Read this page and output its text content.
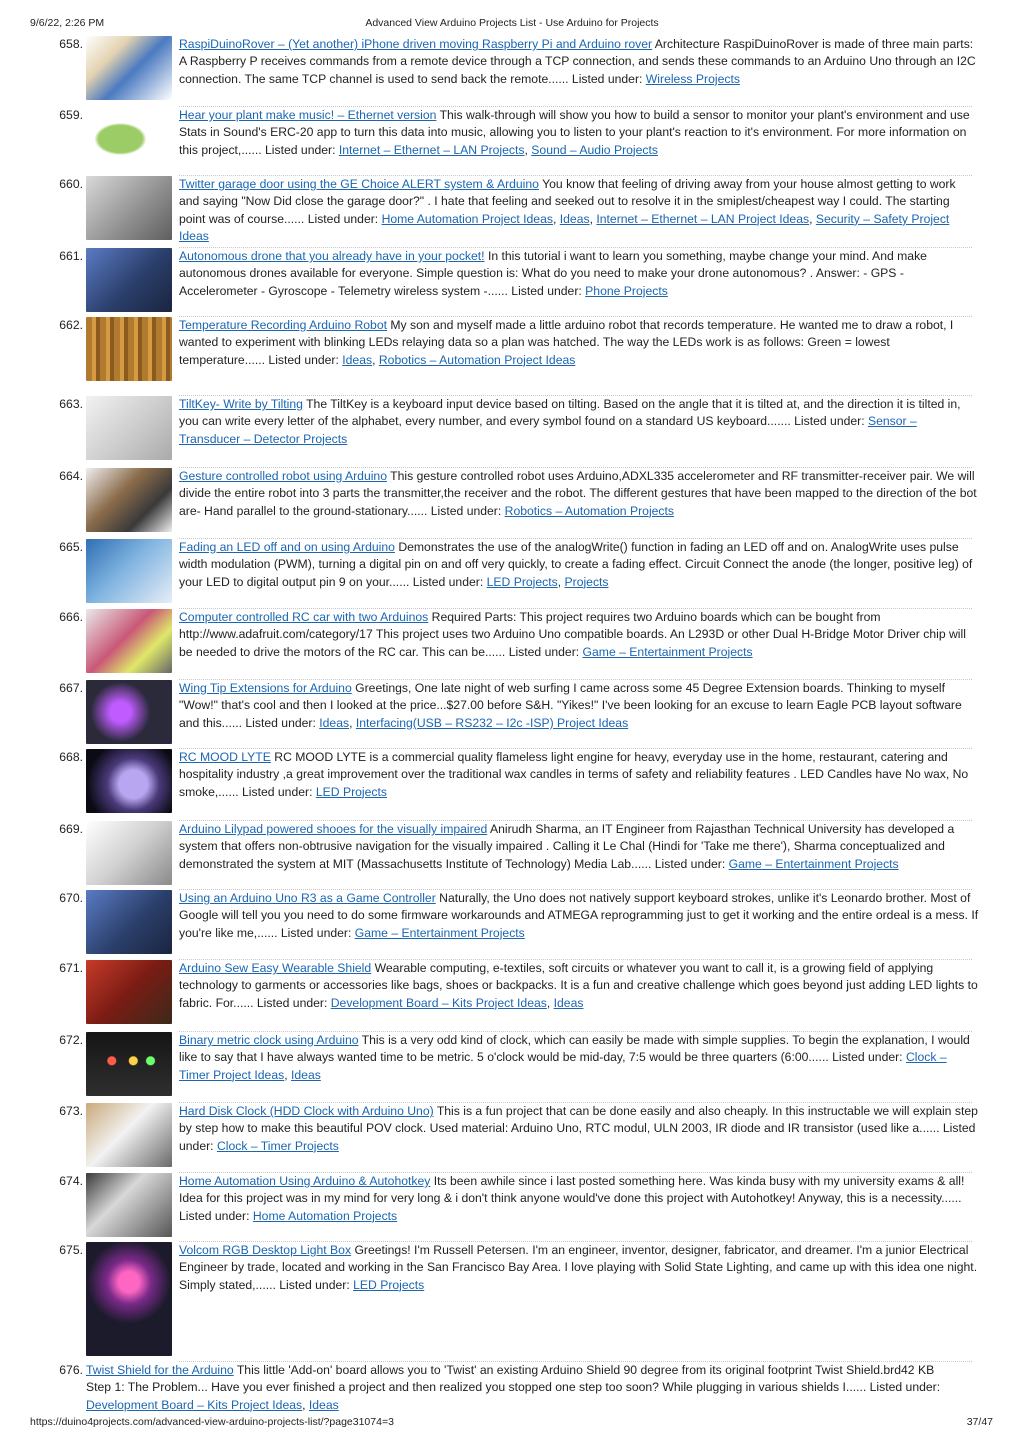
9/6/22, 2:26 PM	Advanced View Arduino Projects List - Use Arduino for Projects
658.	RaspiDuinoRover – (Yet another) iPhone driven moving Raspberry Pi and Arduino rover Architecture RaspiDuinoRover is made of three main parts: A Raspberry P receives commands from a remote device through a TCP connection, and sends these commands to an Arduino Uno through an I2C connection. The same TCP channel is used to send back the remote...... Listed under: Wireless Projects
659.	Hear your plant make music! – Ethernet version This walk-through will show you how to build a sensor to monitor your plant's environment and use Stats in Sound's ERC-20 app to turn this data into music, allowing you to listen to your plant's reaction to it's environment. For more information on this project,...... Listed under: Internet – Ethernet – LAN Projects, Sound – Audio Projects
660.	Twitter garage door using the GE Choice ALERT system & Arduino You know that feeling of driving away from your house almost getting to work and saying "Now Did close the garage door?" . I hate that feeling and seeked out to resolve it in the smiplest/cheapest way I could. The starting point was of course...... Listed under: Home Automation Project Ideas, Ideas, Internet – Ethernet – LAN Project Ideas, Security – Safety Project Ideas
661.	Autonomous drone that you already have in your pocket! In this tutorial i want to learn you something, maybe change your mind. And make autonomous drones available for everyone. Simple question is: What do you need to make your drone autonomous? . Answer: - GPS - Accelerometer - Gyroscope - Telemetry wireless system -...... Listed under: Phone Projects
662.	Temperature Recording Arduino Robot My son and myself made a little arduino robot that records temperature. He wanted me to draw a robot, I wanted to experiment with blinking LEDs relaying data so a plan was hatched. The way the LEDs work is as follows: Green = lowest temperature...... Listed under: Ideas, Robotics – Automation Project Ideas
663.	TiltKey- Write by Tilting The TiltKey is a keyboard input device based on tilting. Based on the angle that it is tilted at, and the direction it is tilted in, you can write every letter of the alphabet, every number, and every symbol found on a standard US keyboard....... Listed under: Sensor – Transducer – Detector Projects
664.	Gesture controlled robot using Arduino This gesture controlled robot uses Arduino,ADXL335 accelerometer and RF transmitter-receiver pair. We will divide the entire robot into 3 parts the transmitter,the receiver and the robot. The different gestures that have been mapped to the direction of the bot are- Hand parallel to the ground-stationary...... Listed under: Robotics – Automation Projects
665.	Fading an LED off and on using Arduino Demonstrates the use of the analogWrite() function in fading an LED off and on. AnalogWrite uses pulse width modulation (PWM), turning a digital pin on and off very quickly, to create a fading effect. Circuit Connect the anode (the longer, positive leg) of your LED to digital output pin 9 on your...... Listed under: LED Projects, Projects
666.	Computer controlled RC car with two Arduinos Required Parts: This project requires two Arduino boards which can be bought from http://www.adafruit.com/category/17 This project uses two Arduino Uno compatible boards. An L293D or other Dual H-Bridge Motor Driver chip will be needed to drive the motors of the RC car. This can be...... Listed under: Game – Entertainment Projects
667.	Wing Tip Extensions for Arduino Greetings, One late night of web surfing I came across some 45 Degree Extension boards. Thinking to myself "Wow!" that's cool and then I looked at the price...$27.00 before S&H. "Yikes!" I've been looking for an excuse to learn Eagle PCB layout software and this...... Listed under: Ideas, Interfacing(USB – RS232 – I2c -ISP) Project Ideas
668.	RC MOOD LYTE RC MOOD LYTE is a commercial quality flameless light engine for heavy, everyday use in the home, restaurant, catering and hospitality industry ,a great improvement over the traditional wax candles in terms of safety and reliability features . LED Candles have No wax, No smoke,...... Listed under: LED Projects
669.	Arduino Lilypad powered shooes for the visually impaired Anirudh Sharma, an IT Engineer from Rajasthan Technical University has developed a system that offers non-obtrusive navigation for the visually impaired . Calling it Le Chal (Hindi for 'Take me there'), Sharma conceptualized and demonstrated the system at MIT (Massachusetts Institute of Technology) Media Lab...... Listed under: Game – Entertainment Projects
670.	Using an Arduino Uno R3 as a Game Controller Naturally, the Uno does not natively support keyboard strokes, unlike it's Leonardo brother. Most of Google will tell you you need to do some firmware workarounds and ATMEGA reprogramming just to get it working and the entire ordeal is a mess. If you're like me,...... Listed under: Game – Entertainment Projects
671.	Arduino Sew Easy Wearable Shield Wearable computing, e-textiles, soft circuits or whatever you want to call it, is a growing field of applying technology to garments or accessories like bags, shoes or backpacks. It is a fun and creative challenge which goes beyond just adding LED lights to fabric. For...... Listed under: Development Board – Kits Project Ideas, Ideas
672.	Binary metric clock using Arduino This is a very odd kind of clock, which can easily be made with simple supplies. To begin the explanation, I would like to say that I have always wanted time to be metric. 5 o'clock would be mid-day, 7:5 would be three quarters (6:00...... Listed under: Clock – Timer Project Ideas, Ideas
673.	Hard Disk Clock (HDD Clock with Arduino Uno) This is a fun project that can be done easily and also cheaply. In this instructable we will explain step by step how to make this beautiful POV clock. Used material: Arduino Uno, RTC modul, ULN 2003, IR diode and IR transistor (used like a...... Listed under: Clock – Timer Projects
674.	Home Automation Using Arduino & Autohotkey Its been awhile since i last posted something here. Was kinda busy with my university exams & all! Idea for this project was in my mind for very long & i don't think anyone would've done this project with Autohotkey! Anyway, this is a necessity...... Listed under: Home Automation Projects
675.	Volcom RGB Desktop Light Box Greetings! I'm Russell Petersen. I'm an engineer, inventor, designer, fabricator, and dreamer. I'm a junior Electrical Engineer by trade, located and working in the San Francisco Bay Area. I love playing with Solid State Lighting, and came up with this idea one night. Simply stated,...... Listed under: LED Projects
676. Twist Shield for the Arduino This little 'Add-on' board allows you to 'Twist' an existing Arduino Shield 90 degree from its original footprint Twist Shield.brd42 KB Step 1: The Problem... Have you ever finished a project and then realized you stopped one step too soon? While plugging in various shields I...... Listed under: Development Board – Kits Project Ideas, Ideas
https://duino4projects.com/advanced-view-arduino-projects-list/?page31074=3	37/47
